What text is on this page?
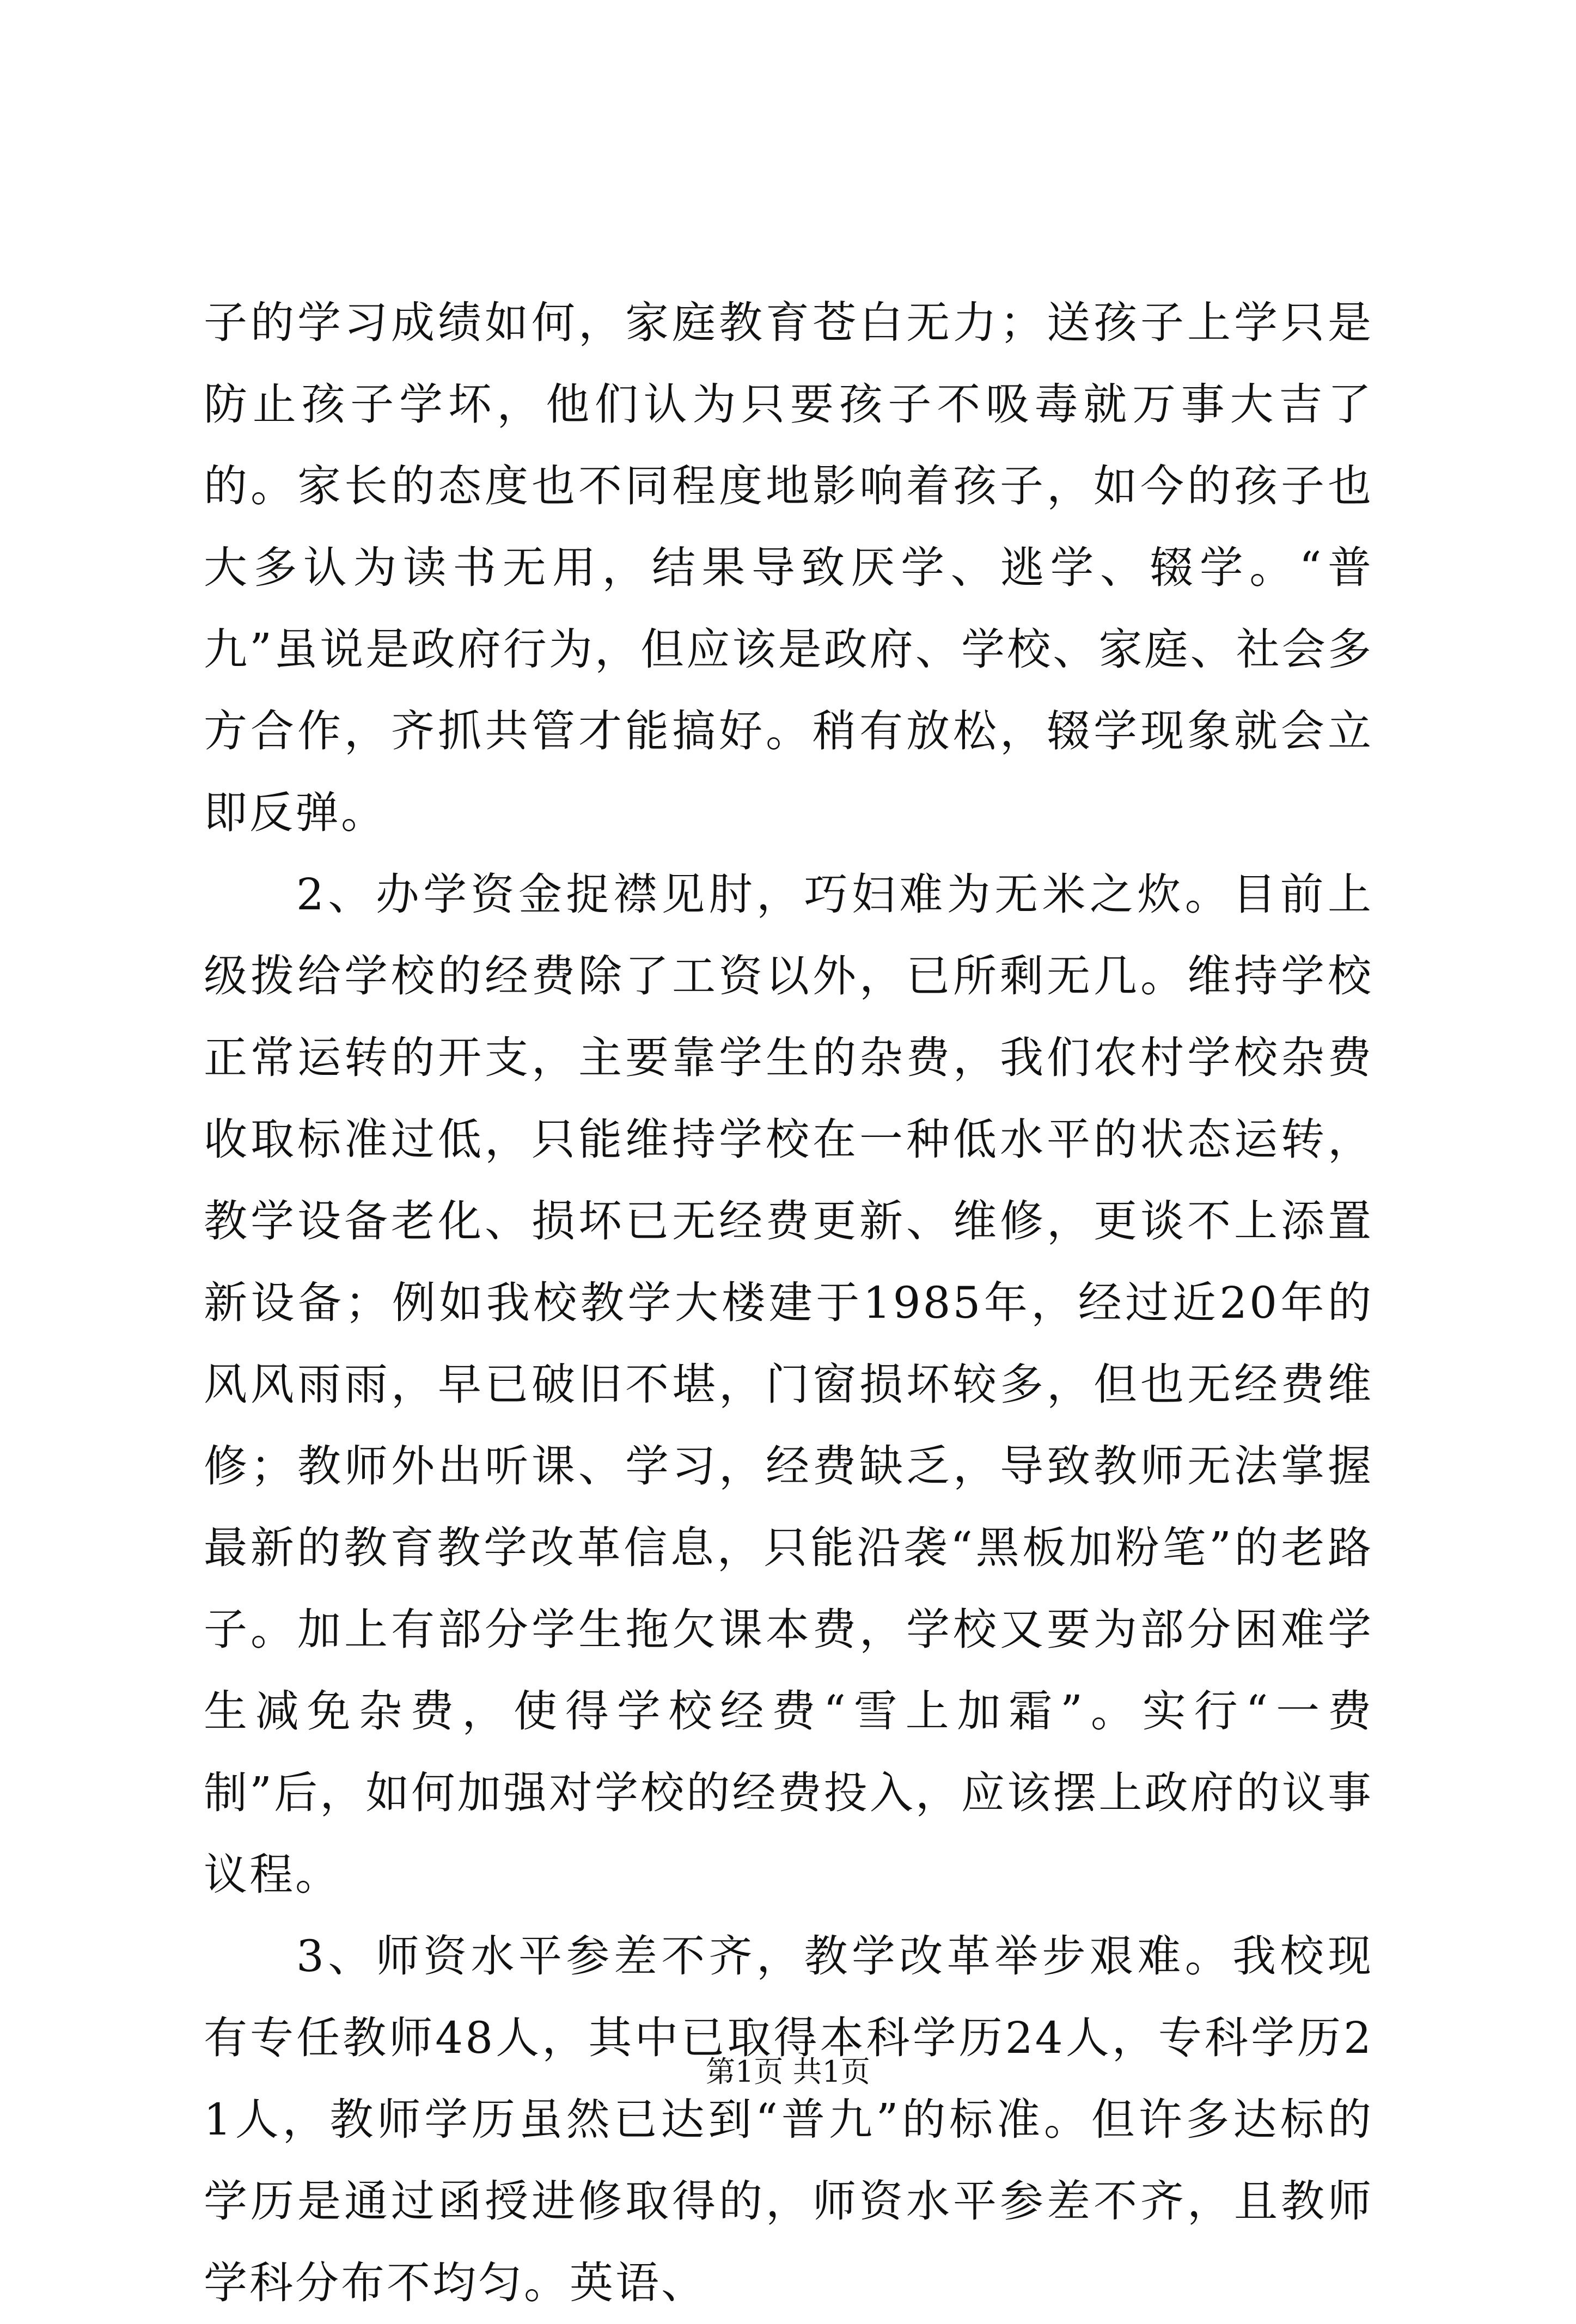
子的学习成绩如何，家庭教育苍白无力；送孩子上学只是防止孩子学坏，他们认为只要孩子不吸毒就万事大吉了的。家长的态度也不同程度地影响着孩子，如今的孩子也大多认为读书无用，结果导致厌学、逃学、辍学。“普九”虽说是政府行为，但应该是政府、学校、家庭、社会多方合作，齐抓共管才能搞好。稍有放松，辍学现象就会立即反弹。

2、办学资金捉襟见肘，巧妇难为无米之炊。目前上级拨给学校的经费除了工资以外，已所剩无几。维持学校正常运转的开支，主要靠学生的杂费，我们农村学校杂费收取标准过低，只能维持学校在一种低水平的状态运转，教学设备老化、损坏已无经费更新、维修，更谈不上添置新设备；例如我校教学大楼建于1985年，经过近20年的风风雨雨，早已破旧不堪，门窗损坏较多，但也无经费维修；教师外出听课、学习，经费缺乏，导致教师无法掌握最新的教育教学改革信息，只能沿袭“黑板加粉笔”的老路子。加上有部分学生拖欠课本费，学校又要为部分困难学生减免杂费，使得学校经费“雪上加霜”。实行“一费制”后，如何加强对学校的经费投入，应该摆上政府的议事议程。

3、师资水平参差不齐，教学改革举步艰难。我校现有专任教师48人，其中已取得本科学历24人，专科学历21人，教师学历虽然已达到“普九”的标准。但许多达标的学历是通过函授进修取得的，师资水平参差不齐，且教师学科分布不均匀。英语、

第1页 共1页
